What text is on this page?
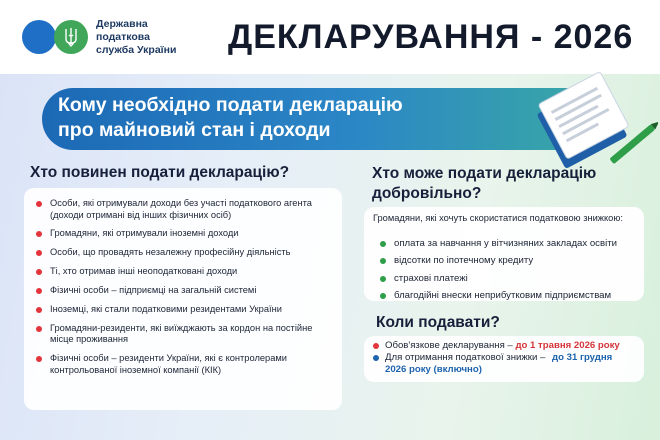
Державна
податкова
служба України	ДЕКЛАРУВАННЯ - 2026
Кому необхідно подати декларацію
про майновий стан і доходи
Хто повинен подати декларацію?
Особи, які отримували доходи без участі податкового агента (доходи отримані від інших фізичних осіб)
Громадяни, які отримували іноземні доходи
Особи, що провадять незалежну професійну діяльність
Ті, хто отримав інші неоподатковані доходи
Фізичні особи – підприємці на загальній системі
Іноземці, які стали податковими резидентами України
Громадяни-резиденти, які виїжджають за кордон на постійне місце проживання
Фізичні особи – резиденти України, які є контролерами контрольованої іноземної компанії (КІК)
Хто може подати декларацію
добровільно?
Громадяни, які хочуть скористатися податковою знижкою:
оплата за навчання у вітчизняних закладах освіти
відсотки по іпотечному кредиту
страхові платежі
благодійні внески неприбутковим підприємствам
Коли подавати?
Обов'язкове декларування – до 1 травня 2026 року
Для отримання податкової знижки – до 31 грудня
2026 року (включно)
